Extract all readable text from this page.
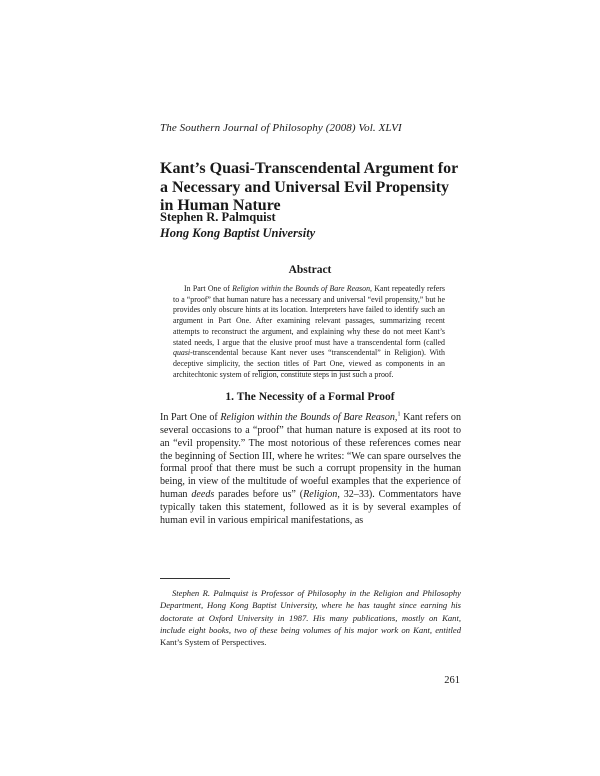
The Southern Journal of Philosophy (2008) Vol. XLVI
Kant’s Quasi-Transcendental Argument for a Necessary and Universal Evil Propensity in Human Nature
Stephen R. Palmquist
Hong Kong Baptist University
Abstract
In Part One of Religion within the Bounds of Bare Reason, Kant repeatedly refers to a “proof” that human nature has a necessary and universal “evil propensity,” but he provides only obscure hints at its location. Interpreters have failed to identify such an argument in Part One. After examining relevant passages, summarizing recent attempts to reconstruct the argument, and explaining why these do not meet Kant’s stated needs, I argue that the elusive proof must have a transcendental form (called quasi-transcendental because Kant never uses “transcendental” in Religion). With deceptive simplicity, the section titles of Part One, viewed as components in an architechtonic system of religion, constitute steps in just such a proof.
1. The Necessity of a Formal Proof
In Part One of Religion within the Bounds of Bare Reason,$^1$ Kant refers on several occasions to a “proof” that human nature is exposed at its root to an “evil propensity.” The most notorious of these references comes near the beginning of Section III, where he writes: “We can spare ourselves the formal proof that there must be such a corrupt propensity in the human being, in view of the multitude of woeful examples that the experience of human deeds parades before us” (Religion, 32–33). Commentators have typically taken this statement, followed as it is by several examples of human evil in various empirical manifestations, as
Stephen R. Palmquist is Professor of Philosophy in the Religion and Philosophy Department, Hong Kong Baptist University, where he has taught since earning his doctorate at Oxford University in 1987. His many publications, mostly on Kant, include eight books, two of these being volumes of his major work on Kant, entitled Kant’s System of Perspectives.
261
